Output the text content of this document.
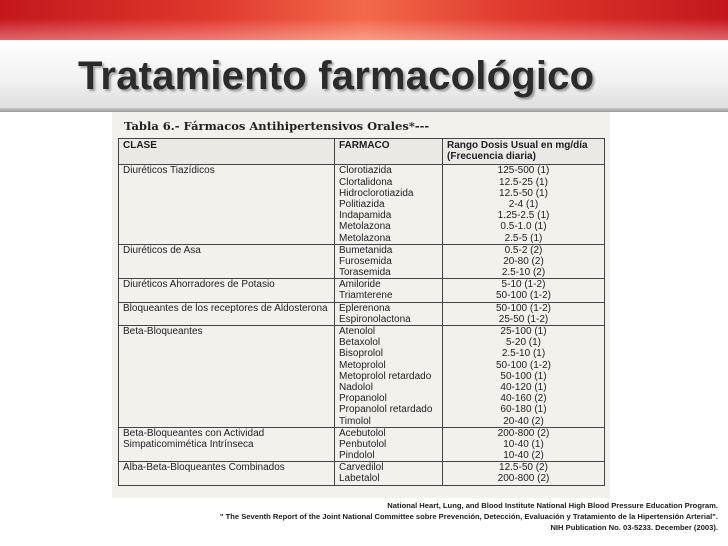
Tratamiento farmacológico
Tabla 6.- Fármacos Antihipertensivos Orales*---
CLASE	FARMACO	Rango Dosis Usual en mg/día
(Frecuencia diaria)
Diuréticos Tiazídicos	Clorotiazida	125-500 (1)
	Clortalidona	12.5-25 (1)
	Hidroclorotiazida	12.5-50 (1)
	Politiazida	2-4 (1)
	Indapamida	1.25-2.5 (1)
	Metolazona	0.5-1.0 (1)
	Metolazona	2.5-5 (1)
Diuréticos de Asa	Bumetanida	0.5-2 (2)
	Furosemida	20-80 (2)
	Torasemida	2.5-10 (2)
Diuréticos Ahorradores de Potasio	Amiloride	5-10 (1-2)
	Triamterene	50-100 (1-2)
Bloqueantes de los receptores de Aldosterona	Eplerenona	50-100 (1-2)
	Espironolactona	25-50 (1-2)
Beta-Bloqueantes	Atenolol	25-100 (1)
	Betaxolol	5-20 (1)
	Bisoprolol	2.5-10 (1)
	Metoprolol	50-100 (1-2)
	Metoprolol retardado	50-100 (1)
	Nadolol	40-120 (1)
	Propanolol	40-160 (2)
	Propanolol retardado	60-180 (1)
	Timolol	20-40 (2)
Beta-Bloqueantes con Actividad	Acebutolol	200-800 (2)
Simpaticomimética Intrínseca	Penbutolol	10-40 (1)
	Pindolol	10-40 (2)
Alba-Beta-Bloqueantes Combinados	Carvedilol	12.5-50 (2)
	Labetalol	200-800 (2)
National Heart, Lung, and Blood Institute National High Blood Pressure Education Program.
" The Seventh Report of the Joint National Committee sobre Prevención, Detección, Evaluación y Tratamiento de la Hipertensión Arterial".
NIH Publication No. 03-5233. December (2003).
